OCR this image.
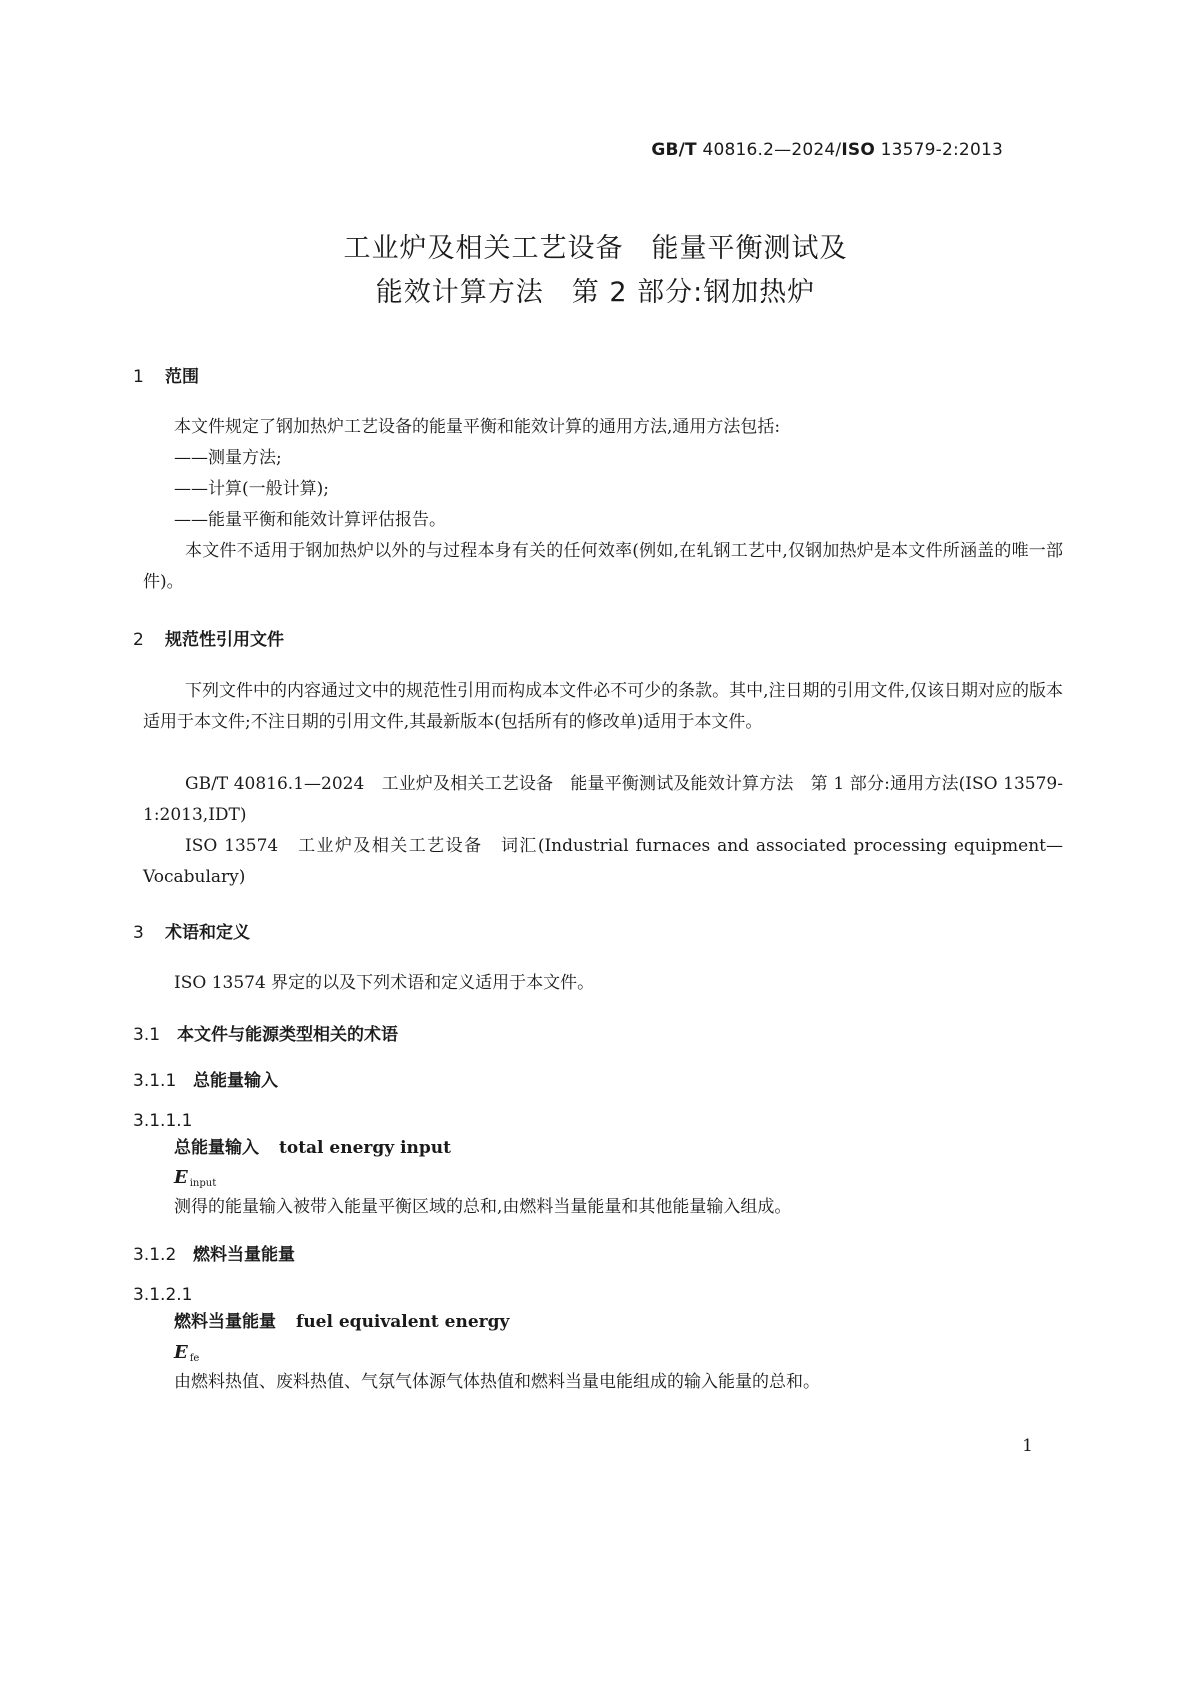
GB/T 40816.2—2024/ISO 13579-2:2013
工业炉及相关工艺设备　能量平衡测试及
能效计算方法　第 2 部分:钢加热炉
1 范围
本文件规定了钢加热炉工艺设备的能量平衡和能效计算的通用方法,通用方法包括:
——测量方法;
——计算(一般计算);
——能量平衡和能效计算评估报告。
本文件不适用于钢加热炉以外的与过程本身有关的任何效率(例如,在轧钢工艺中,仅钢加热炉是本文件所涵盖的唯一部件)。
2 规范性引用文件
下列文件中的内容通过文中的规范性引用而构成本文件必不可少的条款。其中,注日期的引用文件,仅该日期对应的版本适用于本文件;不注日期的引用文件,其最新版本(包括所有的修改单)适用于本文件。
GB/T 40816.1—2024　工业炉及相关工艺设备　能量平衡测试及能效计算方法　第 1 部分:通用方法(ISO 13579-1:2013,IDT)
ISO 13574　工业炉及相关工艺设备　词汇(Industrial furnaces and associated processing equipment—Vocabulary)
3 术语和定义
ISO 13574 界定的以及下列术语和定义适用于本文件。
3.1 本文件与能源类型相关的术语
3.1.1 总能量输入
3.1.1.1
总能量输入 total energy input
E $_{input}$
测得的能量输入被带入能量平衡区域的总和,由燃料当量能量和其他能量输入组成。
3.1.2 燃料当量能量
3.1.2.1
燃料当量能量 fuel equivalent energy
E $_{fe}$
由燃料热值、废料热值、气氛气体源气体热值和燃料当量电能组成的输入能量的总和。
1
